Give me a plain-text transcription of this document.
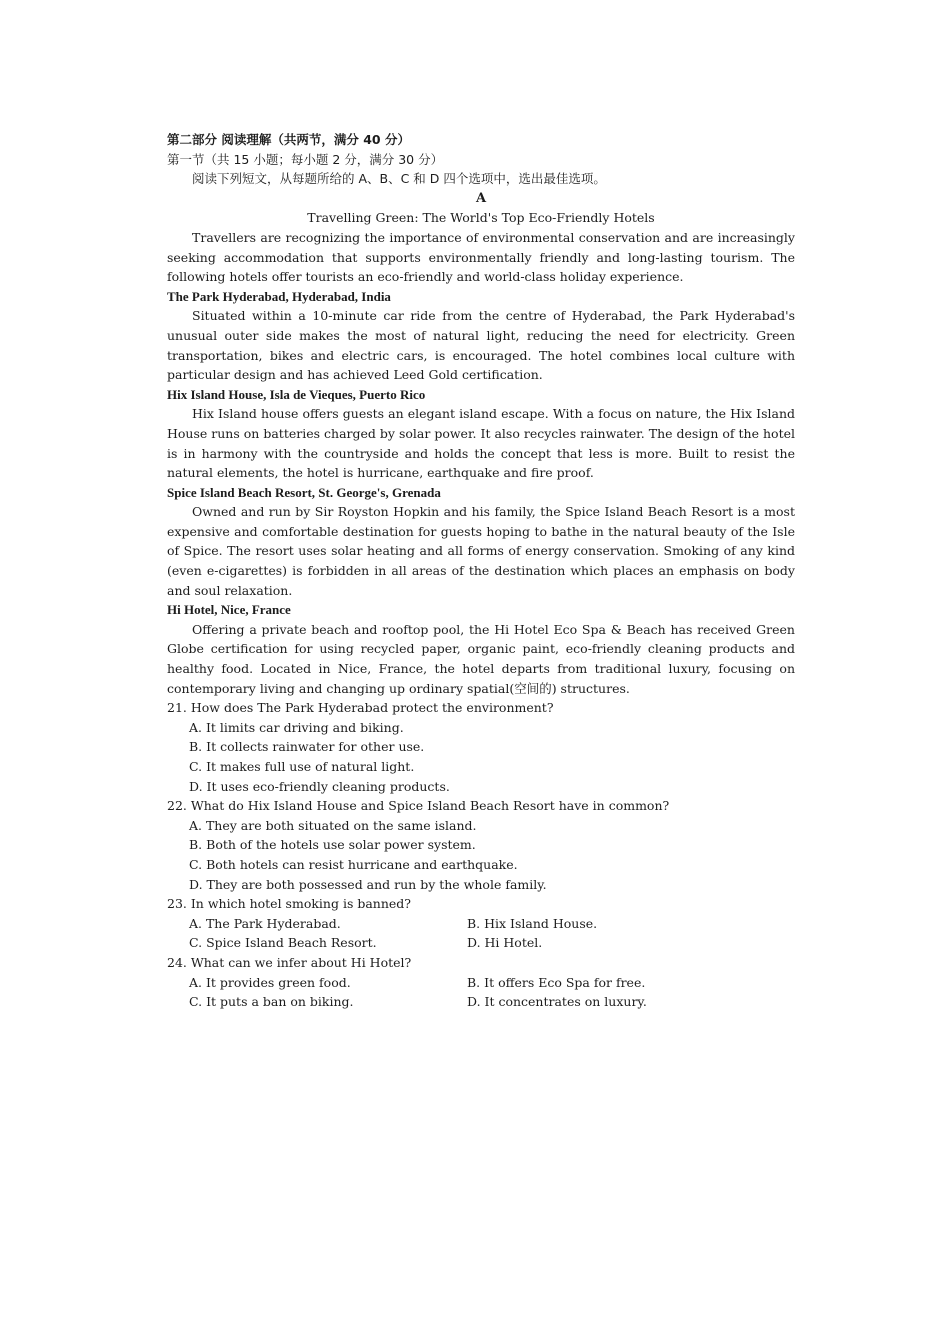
第二部分 阅读理解（共两节，满分 40 分）

第一节（共 15 小题；每小题 2 分，满分 30 分）

阅读下列短文，从每题所给的 A、B、C 和 D 四个选项中，选出最佳选项。

A

Travelling Green: The World's Top Eco-Friendly Hotels

Travellers are recognizing the importance of environmental conservation and are increasingly seeking accommodation that supports environmentally friendly and long-lasting tourism. The following hotels offer tourists an eco-friendly and world-class holiday experience.

The Park Hyderabad, Hyderabad, India

Situated within a 10-minute car ride from the centre of Hyderabad, the Park Hyderabad's unusual outer side makes the most of natural light, reducing the need for electricity. Green transportation, bikes and electric cars, is encouraged. The hotel combines local culture with particular design and has achieved Leed Gold certification.

Hix Island House, Isla de Vieques, Puerto Rico

Hix Island house offers guests an elegant island escape. With a focus on nature, the Hix Island House runs on batteries charged by solar power. It also recycles rainwater. The design of the hotel is in harmony with the countryside and holds the concept that less is more. Built to resist the natural elements, the hotel is hurricane, earthquake and fire proof.

Spice Island Beach Resort, St. George's, Grenada

Owned and run by Sir Royston Hopkin and his family, the Spice Island Beach Resort is a most expensive and comfortable destination for guests hoping to bathe in the natural beauty of the Isle of Spice. The resort uses solar heating and all forms of energy conservation. Smoking of any kind (even e-cigarettes) is forbidden in all areas of the destination which places an emphasis on body and soul relaxation.

Hi Hotel, Nice, France

Offering a private beach and rooftop pool, the Hi Hotel Eco Spa & Beach has received Green Globe certification for using recycled paper, organic paint, eco-friendly cleaning products and healthy food. Located in Nice, France, the hotel departs from traditional luxury, focusing on contemporary living and changing up ordinary spatial(空间的) structures.

21. How does The Park Hyderabad protect the environment?

A. It limits car driving and biking.
B. It collects rainwater for other use.
C. It makes full use of natural light.
D. It uses eco-friendly cleaning products.

22. What do Hix Island House and Spice Island Beach Resort have in common?

A. They are both situated on the same island.
B. Both of the hotels use solar power system.
C. Both hotels can resist hurricane and earthquake.
D. They are both possessed and run by the whole family.

23. In which hotel smoking is banned?

A. The Park Hyderabad.	B. Hix Island House.
C. Spice Island Beach Resort.	D. Hi Hotel.

24. What can we infer about Hi Hotel?

A. It provides green food.	B. It offers Eco Spa for free.
C. It puts a ban on biking.	D. It concentrates on luxury.
